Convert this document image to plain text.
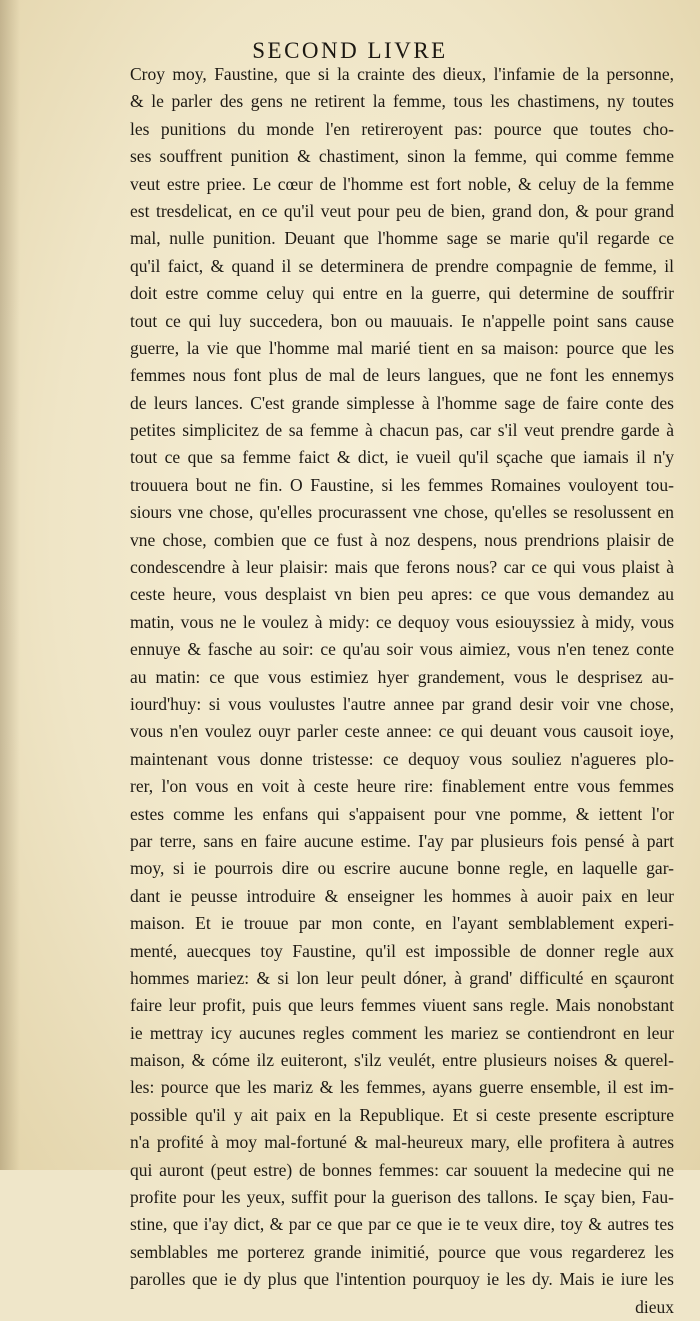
SECOND LIVRE
Croy moy, Faustine, que si la crainte des dieux, l'infamie de la personne,
& le parler des gens ne retirent la femme, tous les chastimens, ny toutes
les punitions du monde l'en retireroyent pas: pource que toutes cho-
ses souffrent punition & chastiment, sinon la femme, qui comme femme
veut estre priee. Le cœur de l'homme est fort noble, & celuy de la femme
est tresdelicat, en ce qu'il veut pour peu de bien, grand don, & pour grand
mal, nulle punition. Deuant que l'homme sage se marie qu'il regarde ce
qu'il faict, & quand il se determinera de prendre compagnie de femme, il
doit estre comme celuy qui entre en la guerre, qui determine de souffrir
tout ce qui luy succedera, bon ou mauuais. Ie n'appelle point sans cause
guerre, la vie que l'homme mal marié tient en sa maison: pource que les
femmes nous font plus de mal de leurs langues, que ne font les ennemys
de leurs lances. C'est grande simplesse à l'homme sage de faire conte des
petites simplicitez de sa femme à chacun pas, car s'il veut prendre garde à
tout ce que sa femme faict & dict, ie vueil qu'il sçache que iamais il n'y
trouuera bout ne fin. O Faustine, si les femmes Romaines vouloyent tou-
siours vne chose, qu'elles procurassent vne chose, qu'elles se resolussent en
vne chose, combien que ce fust à noz despens, nous prendrions plaisir de
condescendre à leur plaisir: mais que ferons nous? car ce qui vous plaist à
ceste heure, vous desplaist vn bien peu apres: ce que vous demandez au
matin, vous ne le voulez à midy: ce dequoy vous esiouyssiez à midy, vous
ennuye & fasche au soir: ce qu'au soir vous aimiez, vous n'en tenez conte
au matin: ce que vous estimiez hyer grandement, vous le desprisez au-
iourd'huy: si vous voulustes l'autre annee par grand desir voir vne chose,
vous n'en voulez ouyr parler ceste annee: ce qui deuant vous causoit ioye,
maintenant vous donne tristesse: ce dequoy vous souliez n'agueres plo-
rer, l'on vous en voit à ceste heure rire: finablement entre vous femmes
estes comme les enfans qui s'appaisent pour vne pomme, & iettent l'or
par terre, sans en faire aucune estime. I'ay par plusieurs fois pensé à part
moy, si ie pourrois dire ou escrire aucune bonne regle, en laquelle gar-
dant ie peusse introduire & enseigner les hommes à auoir paix en leur
maison. Et ie trouue par mon conte, en l'ayant semblablement experi-
menté, auecques toy Faustine, qu'il est impossible de donner regle aux
hommes mariez: & si lon leur peult dóner, à grand' difficulté en sçauront
faire leur profit, puis que leurs femmes viuent sans regle. Mais nonobstant
ie mettray icy aucunes regles comment les mariez se contiendront en leur
maison, & cóme ilz euiteront, s'ilz veulét, entre plusieurs noises & querel-
les: pource que les mariz & les femmes, ayans guerre ensemble, il est im-
possible qu'il y ait paix en la Republique. Et si ceste presente escripture
n'a profité à moy mal-fortuné & mal-heureux mary, elle profitera à autres
qui auront (peut estre) de bonnes femmes: car souuent la medecine qui ne
profite pour les yeux, suffit pour la guerison des tallons. Ie sçay bien, Fau-
stine, que i'ay dict, & par ce que par ce que ie te veux dire, toy & autres tes
semblables me porterez grande inimitié, pource que vous regarderez les
parolles que ie dy plus que l'intention pourquoy ie les dy. Mais ie iure les
dieux
